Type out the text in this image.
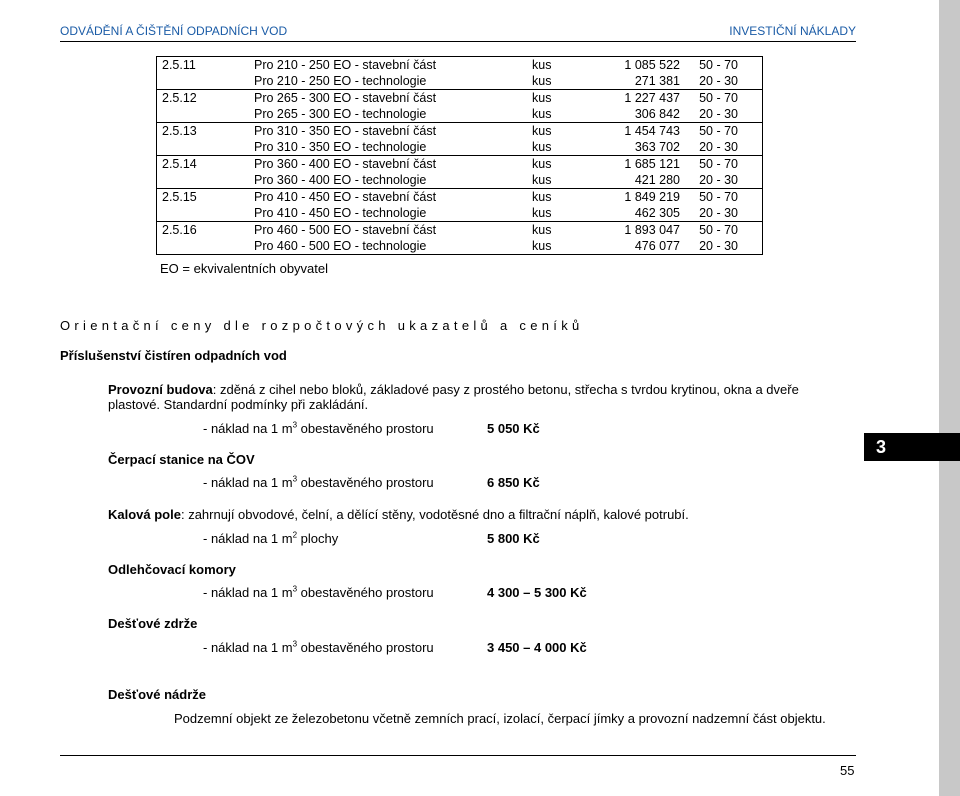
ODVÁDĚNÍ A ČIŠTĚNÍ ODPADNÍCH VOD	INVESTIČNÍ NÁKLADY
3
2.5.11	Pro 210 - 250 EO - stavební část	kus	1 085 522	50 - 70
	Pro 210 - 250 EO - technologie	kus	271 381	20 - 30
2.5.12	Pro 265 - 300 EO - stavební část	kus	1 227 437	50 - 70
	Pro 265 - 300 EO - technologie	kus	306 842	20 - 30
2.5.13	Pro 310 - 350 EO - stavební část	kus	1 454 743	50 - 70
	Pro 310 - 350 EO - technologie	kus	363 702	20 - 30
2.5.14	Pro 360 - 400 EO - stavební část	kus	1 685 121	50 - 70
	Pro 360 - 400 EO - technologie	kus	421 280	20 - 30
2.5.15	Pro 410 - 450 EO - stavební část	kus	1 849 219	50 - 70
	Pro 410 - 450 EO - technologie	kus	462 305	20 - 30
2.5.16	Pro 460 - 500 EO - stavební část	kus	1 893 047	50 - 70
	Pro 460 - 500 EO - technologie	kus	476 077	20 - 30
EO = ekvivalentních obyvatel
Orientační ceny dle rozpočtových ukazatelů a ceníků
Příslušenství čistíren odpadních vod
Provozní budova: zděná z cihel nebo bloků, základové pasy z prostého betonu, střecha s tvrdou krytinou, okna a dveře
plastové. Standardní podmínky při zakládání.
- náklad na 1 $m^3$ obestavěného prostoru	5 050 Kč
Čerpací stanice na ČOV
- náklad na 1 $m^3$ obestavěného prostoru	6 850 Kč
Kalová pole: zahrnují obvodové, čelní, a dělící stěny, vodotěsné dno a filtrační náplň, kalové potrubí.
- náklad na 1 $m^2$ plochy	5 800 Kč
Odlehčovací komory
- náklad na 1 $m^3$ obestavěného prostoru	4 300 – 5 300 Kč
Dešťové zdrže
- náklad na 1 $m^3$ obestavěného prostoru	3 450 – 4 000 Kč
Dešťové nádrže
Podzemní objekt ze železobetonu včetně zemních prací, izolací, čerpací jímky a provozní nadzemní část objektu.
55
